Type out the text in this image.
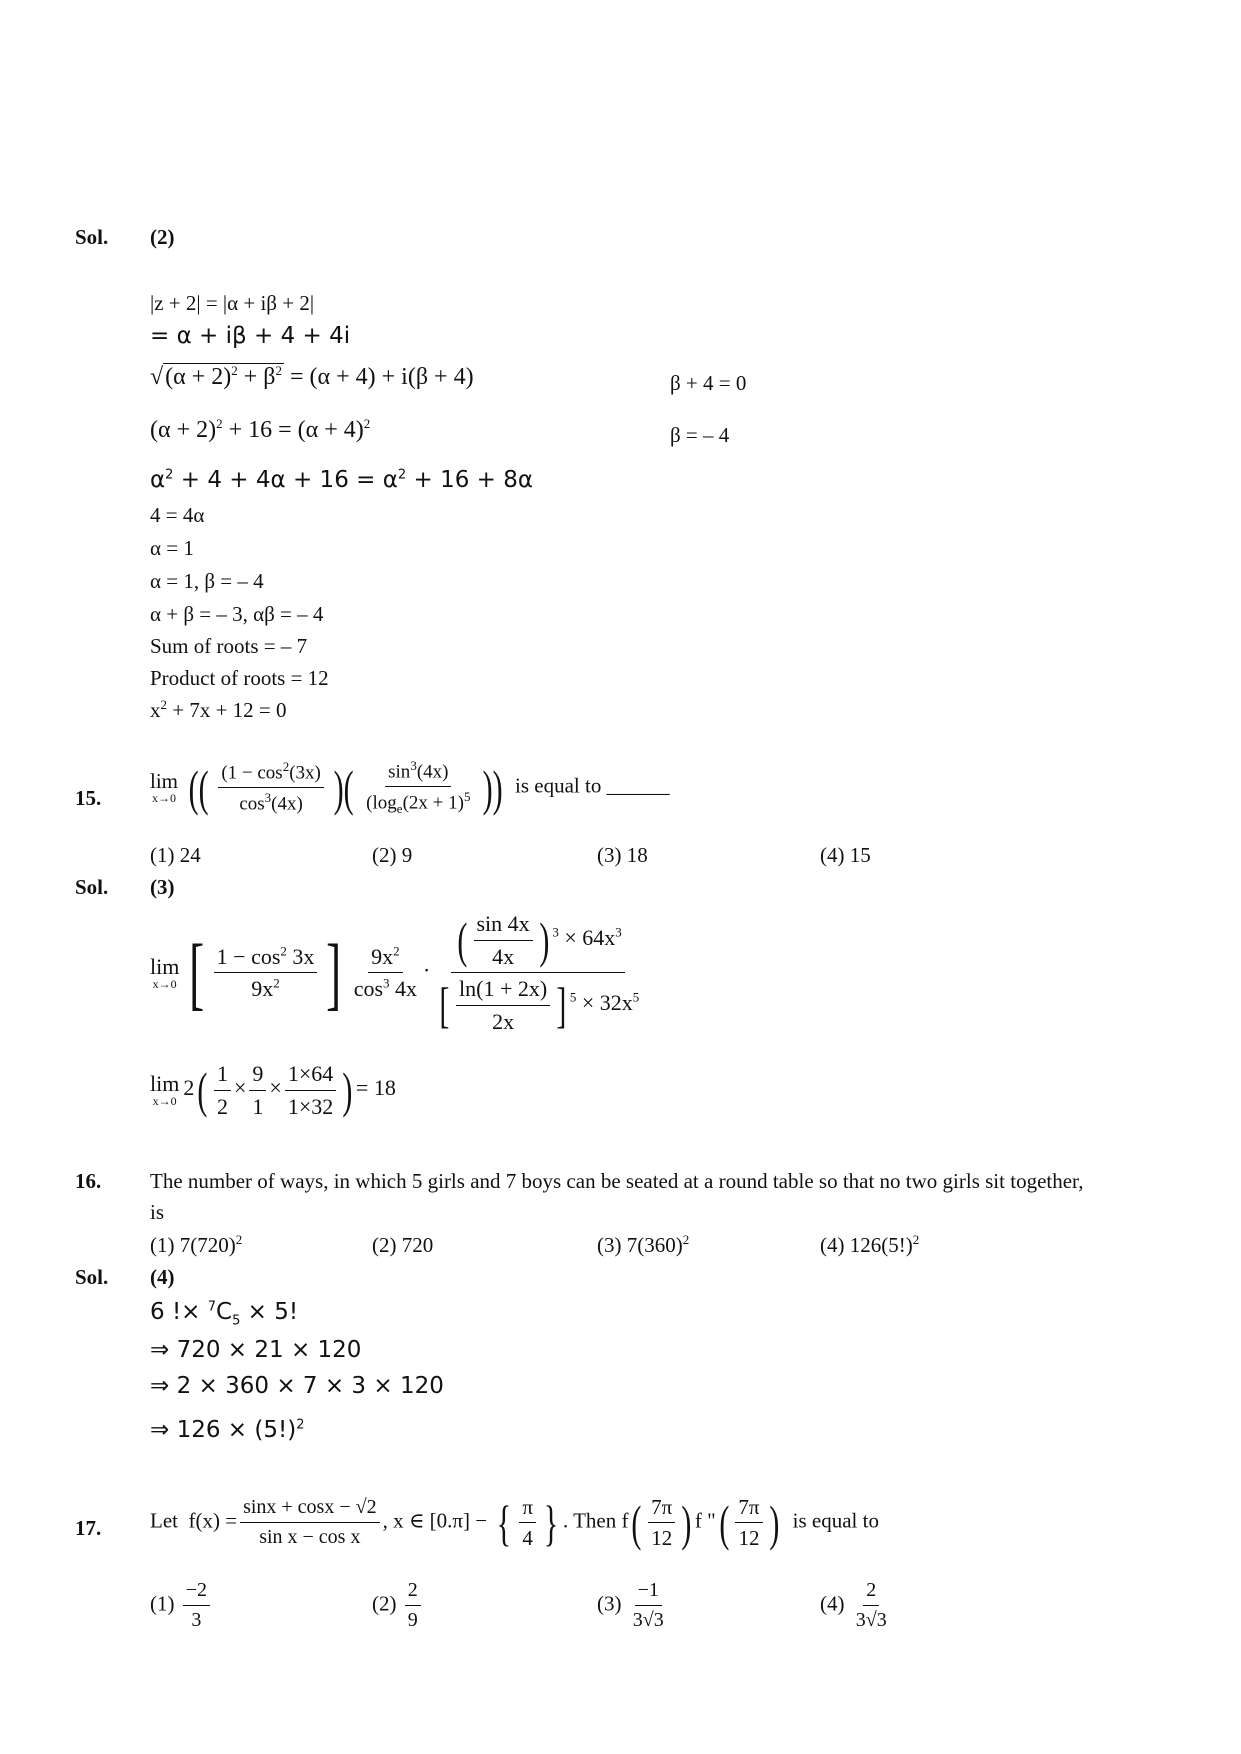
Sol. (2)
|z + 2| = |α + iβ + 2|
= α + iβ + 4 + 4i
$√(\alpha + 2)^2 + \beta^2 = (\alpha + 4) + i(\beta + 4)$
$(\alpha + 2)^2 + 16 = (\alpha + 4)^2$
$\alpha^2 + 4 + 4\alpha + 16 = \alpha^2 + 16 + 8\alpha$
4 = 4α
α = 1
α = 1, β = – 4
α + β = – 3, αβ = – 4
Sum of roots = – 7
Product of roots = 12
$x^2 + 7x + 12 = 0$
β + 4 = 0
β = – 4
15.
lim
x→0 (( $\frac{(1 - \cos^2(3x)}{\cos^3(4x)}$ )( $\frac{\sin^3(4x)}{(\log_e(2x + 1)^5}$ )) is equal to ______
(1) 24	(2) 9	(3) 18	(4) 15
Sol. (3)
lim
x→0 [ $\frac{1 - \cos^2 3x}{9x^2}$ ] $\frac{9x^2}{\cos^3 4x} \cdot \frac{( \frac{\sin 4x}{4x} ) ^3 \times 64x^3}{[ \frac{\ln(1 + 2x)}{2x} ] ^5 \times 32x^5}$
lim
x→0
$2( \frac{1}{2} \times \frac{9}{1} \times \frac{1\times 64}{1\times 32}$ ) = 18
16. The number of ways, in which 5 girls and 7 boys can be seated at a round table so that no two girls sit together,
is
(1) $7(720)^2$	(2) 720	(3) $7(360)^2$	(4) $126(5!)^2$
Sol. (4)
6 !× $^7C_5 \times 5$!
⇒ 720 × 21 × 120
⇒ 2 × 360 × 7 × 3 × 120
⇒ $126 \times (5!)^2$
17. Let  $f(x) = \frac{\sin x + \cos x - √2}{\text{sin x − cos x}}$ , x ∈ [0.π] − { $\frac{\pi}{4}$ } . Then $f( \frac{7\pi}{12}$ ) f "( $\frac{7\pi}{12}$ ) is equal to
$(1) \frac{-2}{3}$	$(2) \frac{2}{9}$	$(3) \frac{-1}{3√3}$	$(4) \frac{2}{3√3}$
